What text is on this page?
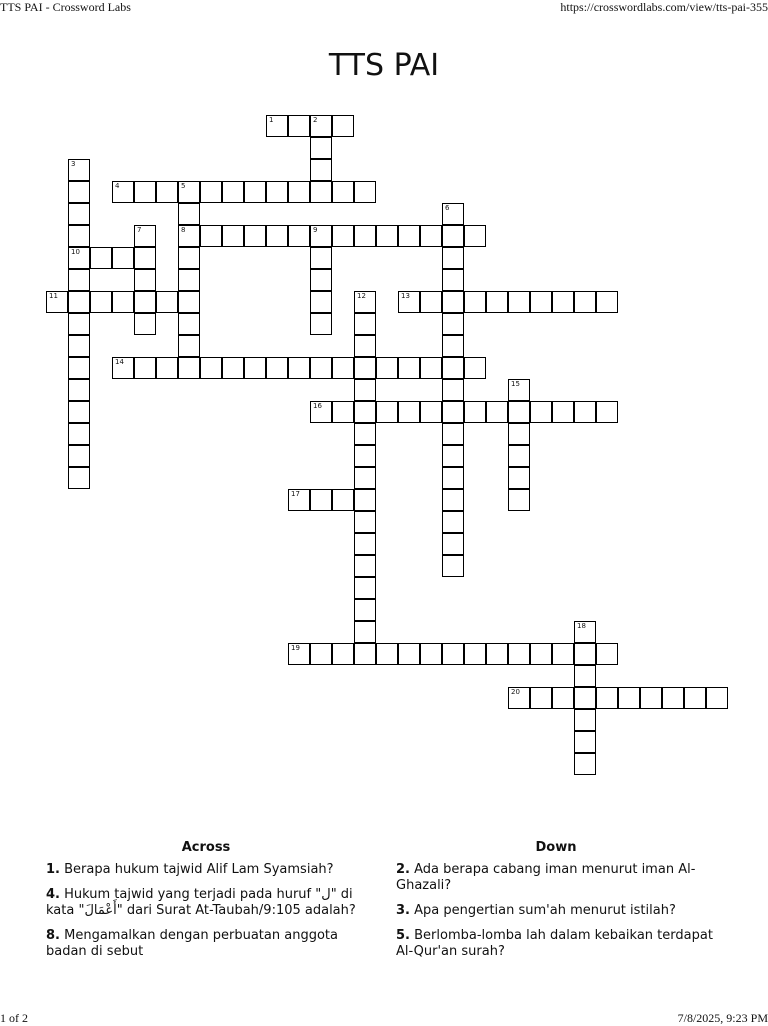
TTS PAI - Crossword Labs	https://crosswordlabs.com/view/tts-pai-355
TTS PAI
1	2
3
10
4	5
8
6
7	9
11	12	13
14
15
16
17
18
19
20
Across
1. Berapa hukum tajwid Alif Lam Syamsiah?
4. Hukum tajwid yang terjadi pada huruf "ل" di kata "أَعْمَالَ" dari Surat At-Taubah/9:105 adalah?
8. Mengamalkan dengan perbuatan anggota badan di sebut
Down
2. Ada berapa cabang iman menurut iman Al-Ghazali?
3. Apa pengertian sum'ah menurut istilah?
5. Berlomba-lomba lah dalam kebaikan terdapat Al-Qur'an surah?
1 of 2	7/8/2025, 9:23 PM
